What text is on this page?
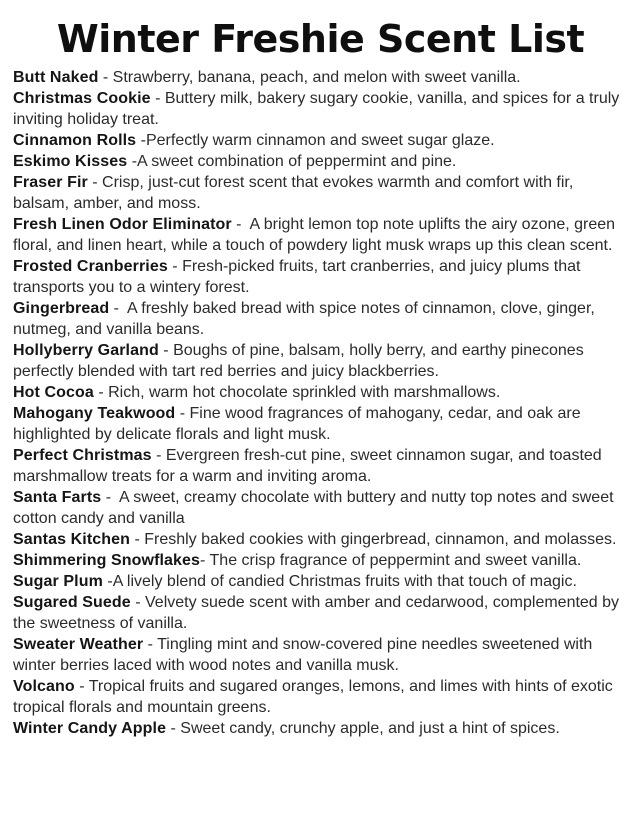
Winter Freshie Scent List

Butt Naked - Strawberry, banana, peach, and melon with sweet vanilla.

Christmas Cookie - Buttery milk, bakery sugary cookie, vanilla, and spices for a truly inviting holiday treat.

Cinnamon Rolls -Perfectly warm cinnamon and sweet sugar glaze.

Eskimo Kisses -A sweet combination of peppermint and pine.

Fraser Fir - Crisp, just-cut forest scent that evokes warmth and comfort with fir, balsam, amber, and moss.

Fresh Linen Odor Eliminator -  A bright lemon top note uplifts the airy ozone, green floral, and linen heart, while a touch of powdery light musk wraps up this clean scent.

Frosted Cranberries - Fresh-picked fruits, tart cranberries, and juicy plums that transports you to a wintery forest.

Gingerbread -  A freshly baked bread with spice notes of cinnamon, clove, ginger, nutmeg, and vanilla beans.

Hollyberry Garland - Boughs of pine, balsam, holly berry, and earthy pinecones perfectly blended with tart red berries and juicy blackberries.

Hot Cocoa - Rich, warm hot chocolate sprinkled with marshmallows.

Mahogany Teakwood - Fine wood fragrances of mahogany, cedar, and oak are highlighted by delicate florals and light musk.

Perfect Christmas - Evergreen fresh-cut pine, sweet cinnamon sugar, and toasted marshmallow treats for a warm and inviting aroma.

Santa Farts -  A sweet, creamy chocolate with buttery and nutty top notes and sweet cotton candy and vanilla

Santas Kitchen - Freshly baked cookies with gingerbread, cinnamon, and molasses.

Shimmering Snowflakes- The crisp fragrance of peppermint and sweet vanilla.

Sugar Plum -A lively blend of candied Christmas fruits with that touch of magic.

Sugared Suede - Velvety suede scent with amber and cedarwood, complemented by the sweetness of vanilla.

Sweater Weather - Tingling mint and snow-covered pine needles sweetened with winter berries laced with wood notes and vanilla musk.

Volcano - Tropical fruits and sugared oranges, lemons, and limes with hints of exotic tropical florals and mountain greens.

Winter Candy Apple - Sweet candy, crunchy apple, and just a hint of spices.
